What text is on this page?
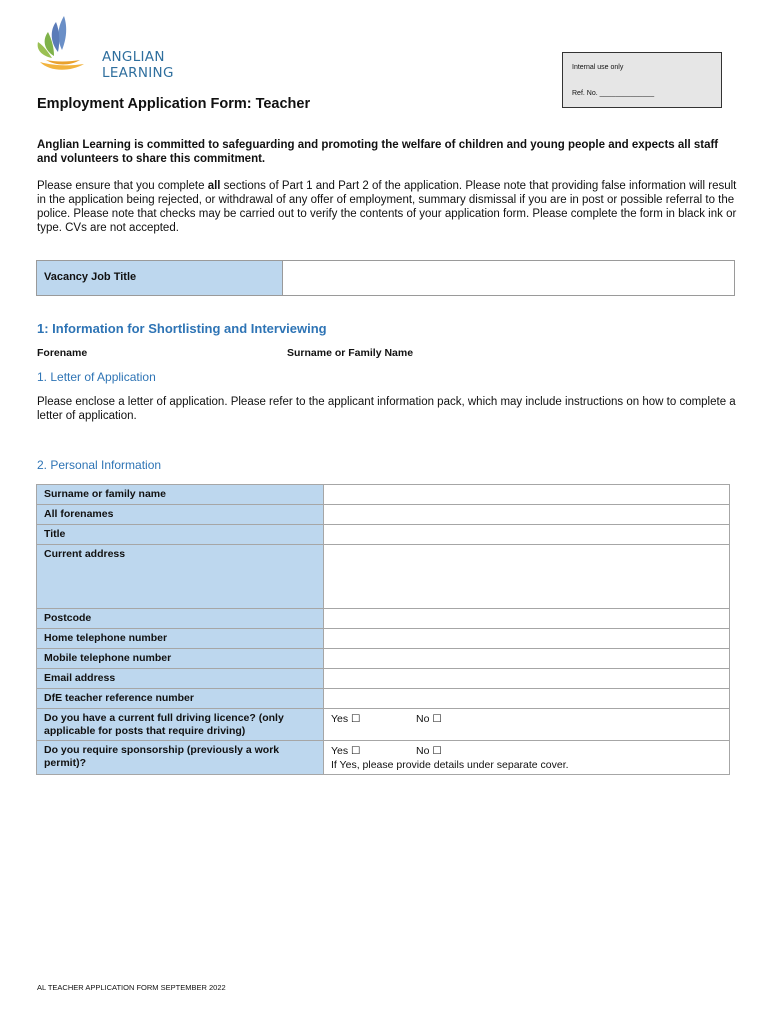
ANGLIAN LEARNING	Internal use only
Ref. No. ______________
Employment Application Form: Teacher

Anglian Learning is committed to safeguarding and promoting the welfare of children and young people and expects all staff and volunteers to share this commitment.

Please ensure that you complete all sections of Part 1 and Part 2 of the application. Please note that providing false information will result in the application being rejected, or withdrawal of any offer of employment, summary dismissal if you are in post or possible referral to the police. Please note that checks may be carried out to verify the contents of your application form. Please complete the form in black ink or type. CVs are not accepted.

Vacancy Job Title
1: Information for Shortlisting and Interviewing
Forename	Surname or Family Name
1. Letter of Application

Please enclose a letter of application. Please refer to the applicant information pack, which may include instructions on how to complete a letter of application.

2. Personal Information
Surname or family name	
All forenames	
Title	
Current address	
Postcode	
Home telephone number	
Mobile telephone number	
Email address	
DfE teacher reference number	
Do you have a current full driving licence? (only applicable for posts that require driving)	Yes ☐ No ☐
Do you require sponsorship (previously a work permit)?	Yes ☐ No ☐
If Yes, please provide details under separate cover.
AL TEACHER APPLICATION FORM SEPTEMBER 2022
